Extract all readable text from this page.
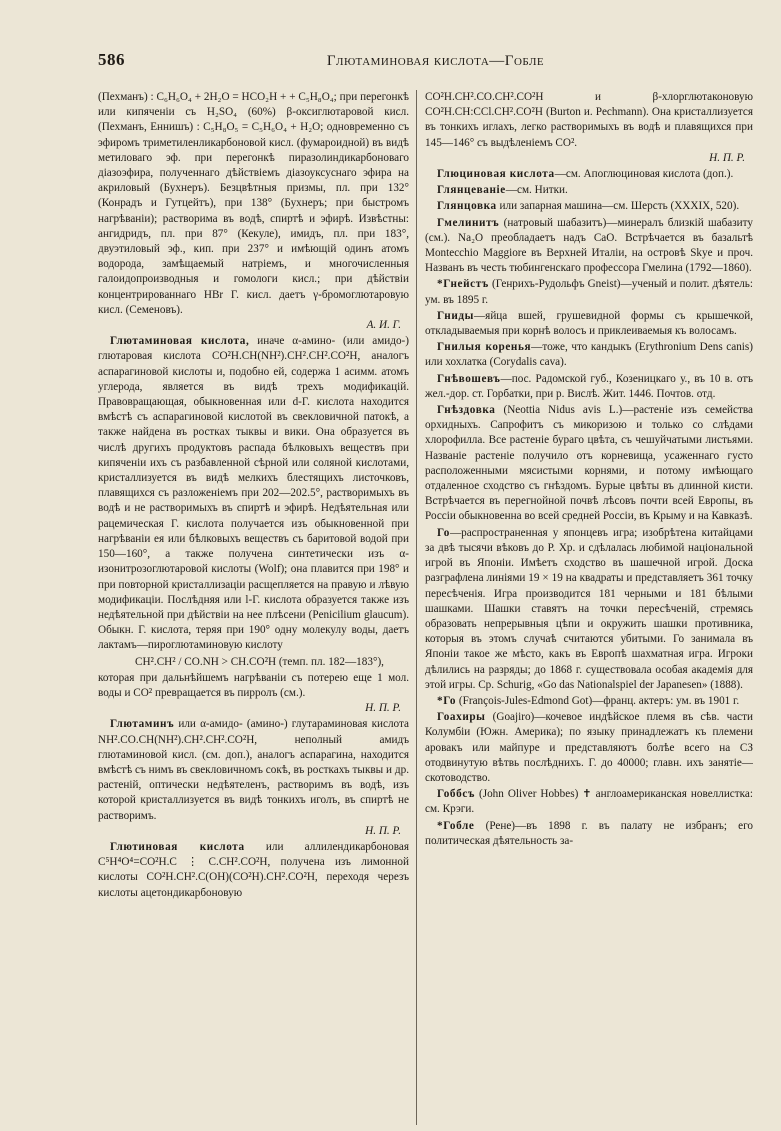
586	Глютаминовая кислота—Гобле

(Пехманъ) : C₆H₆O₄ + 2H₂O = HCO₂H + + C₅H₈O₄; при перегонкѣ или кипяченіи съ H₂SO₄ (60%) β-оксиглютаровой кисл. (Пехманъ, Еннишъ) : C₅H₈O₅ = C₅H₆O₄ + H₂O; одновременно съ эфиромъ триметиленликарбоновой кисл. (фумароидной) въ видѣ метиловаго эф. при перегонкѣ пиразолиндикарбоноваго діазоэфира, полученнаго дѣйствіемъ діазоуксуснаго эфира на акриловый (Бухнеръ). Безцвѣтныя призмы, пл. при 132° (Конрадъ и Гутцейтъ), при 138° (Бухнеръ; при быстромъ нагрѣваніи); растворима въ водѣ, спиртѣ и эфирѣ. Извѣстны: ангидридъ, пл. при 87° (Кекуле), имидъ, пл. при 183°, двуэтиловый эф., кип. при 237° и имѣющій одинъ атомъ водорода, замѣщаемый натріемъ, и многочисленныя галоидопроизводныя и гомологи кисл.; при дѣйствіи концентрированнаго HBr Г. кисл. даетъ γ-бромоглютаровую кисл. (Семеновъ).
А. И. Г.

Глютаминовая кислота, иначе α-амино- (или амидо-) глютаровая кислота CO²H.CH(NH²).CH².CH².CO²H, аналогъ аспарагиновой кислоты и, подобно ей, содержа 1 асимм. атомъ углерода, является въ видѣ трехъ модификацій. Правовращающая, обыкновенная или d-Г. кислота находится вмѣстѣ съ аспарагиновой кислотой въ свекловичной патокѣ, а также найдена въ ростках тыквы и вики. Она образуется въ числѣ другихъ продуктовъ распада бѣлковыхъ веществъ при кипяченіи ихъ съ разбавленной сѣрной или соляной кислотами, кристаллизуется въ видѣ мелкихъ блестящихъ листочковъ, плавящихся съ разложеніемъ при 202—202.5°, растворимыхъ въ водѣ и не растворимыхъ въ спиртѣ и эфирѣ. Недѣятельная или рацемическая Г. кислота получается изъ обыкновенной при нагрѣваніи ея или бѣлковыхъ веществъ съ баритовой водой при 150—160°, а также получена синтетически изъ α-изонитрозоглютаровой кислоты (Wolf); она плавится при 198° и при повторной кристаллизаціи расщепляется на правую и лѣвую модификаціи. Послѣдняя или l-Г. кислота образуется также изъ недѣятельной при дѣйствіи на нее плѣсени (Penicilium glaucum). Обыкн. Г. кислота, теряя при 190° одну молекулу воды, даетъ лактамъ—пироглютаминовую кислоту
CH².CH² / CO.NH > CH.CO²H (темп. пл. 182—183°),
которая при дальнѣйшемъ нагрѣваніи съ потерею еще 1 мол. воды и CO² превращается въ пирролъ (см.).
Н. П. Р.

Глютаминъ или α-амидо- (амино-) глутараминовая кислота NH².CO.CH(NH²).CH².CH².CO²H, неполный амидъ глютаминовой кисл. (см. доп.), аналогъ аспарагина, находится вмѣстѣ съ нимъ въ свекловичномъ сокѣ, въ росткахъ тыквы и др. растеній, оптически недѣятеленъ, растворимъ въ водѣ, изъ которой кристаллизуется въ видѣ тонкихъ иголъ, въ спиртѣ не растворимъ.
Н. П. Р.

Глютиновая кислота или аллилендикарбоновая C⁵H⁴O⁴=CO²H.C ⋮ C.CH².CO²H, получена изъ лимонной кислоты CO²H.CH².C(OH)(CO²H).CH².CO²H, переходя черезъ кислоты ацетондикарбоновую

CO²H.CH².CO.CH².CO²H и β-хлорглютаконовую CO²H.CH:CCl.CH².CO²H (Burton и. Pechmann). Она кристаллизуется въ тонкихъ иглахъ, легко растворимыхъ въ водѣ и плавящихся при 145—146° съ выдѣленіемъ CO².
Н. П. Р.

Глюцинoвая кислота—см. Апоглюциновая кислота (доп.).

Глянцеваніе—см. Нитки.

Глянцовка или запарная машина—см. Шерсть (XXXIX, 520).

Гмелинитъ (натровый шабазитъ)—минералъ близкій шабазиту (см.). Na₂O преобладаетъ надъ CaO. Встрѣчается въ базальтѣ Montecchio Maggiore въ Верхней Италіи, на островѣ Skye и проч. Названъ въ честь тюбингенскаго профессора Гмелина (1792—1860).

*Гнейстъ (Генрихъ-Рудольфъ Gneist)—ученый и полит. дѣятель: ум. въ 1895 г.

Гниды—яйца вшей, грушевидной формы съ крышечкой, откладываемыя при корнѣ волосъ и приклеиваемыя къ волосамъ.

Гнилыя коренья—тоже, что кандыкъ (Erythronium Dens canis) или хохлатка (Corydalis cava).

Гнѣвошевъ—пос. Радомской губ., Козеницкаго у., въ 10 в. отъ жел.-дор. ст. Горбатки, при р. Вислѣ. Жит. 1446. Почтов. отд.

Гнѣздовка (Neottia Nidus avis L.)—растеніе изъ семейства орхидныхъ. Сапрофитъ съ микоризою и только со слѣдами хлорофилла. Все растеніе бураго цвѣта, съ чешуйчатыми листьями. Названіе растеніе получило отъ корневища, усаженнаго густо расположенными мясистыми корнями, и потому имѣющаго отдаленное сходство съ гнѣздомъ. Бурые цвѣты въ длинной кисти. Встрѣчается въ перегнойной почвѣ лѣсовъ почти всей Европы, въ Россіи обыкновенна во всей средней Россіи, въ Крыму и на Кавказѣ.

Го—распространенная у японцевъ игра; изобрѣтена китайцами за двѣ тысячи вѣковъ до Р. Хр. и сдѣлалась любимой національной игрой въ Японіи. Имѣетъ сходство въ шашечной игрой. Доска разграфлена линіями 19 × 19 на квадраты и представляетъ 361 точку пересѣченія. Игра производится 181 черными и 181 бѣлыми шашками. Шашки ставятъ на точки пересѣченій, стремясь образовать непрерывныя цѣпи и окружить шашки противника, которыя въ этомъ случаѣ считаются убитыми. Го занимала въ Японіи такое же мѣсто, какъ въ Европѣ шахматная игра. Игроки дѣлились на разряды; до 1868 г. существовала особая академія для этой игры. Ср. Schurig, «Go das Nationalspiel der Japanesen» (1888).

*Го (François-Jules-Edmond Got)—франц. актеръ: ум. въ 1901 г.

Гоахиры (Goajiro)—кочевое индѣйское племя въ сѣв. части Колумбіи (Южн. Америка); по языку принадлежатъ къ племени аровакъ или майпуре и представляютъ болѣе всего на СЗ отодвинутую вѣтвь послѣднихъ. Г. до 40000; главн. ихъ занятіе—скотоводство.

Гоббсъ (John Oliver Hobbes) ✝ англоамериканская новеллистка: см. Крэги.

*Гобле (Рене)—въ 1898 г. въ палату не избранъ; его политическая дѣятельность за-
